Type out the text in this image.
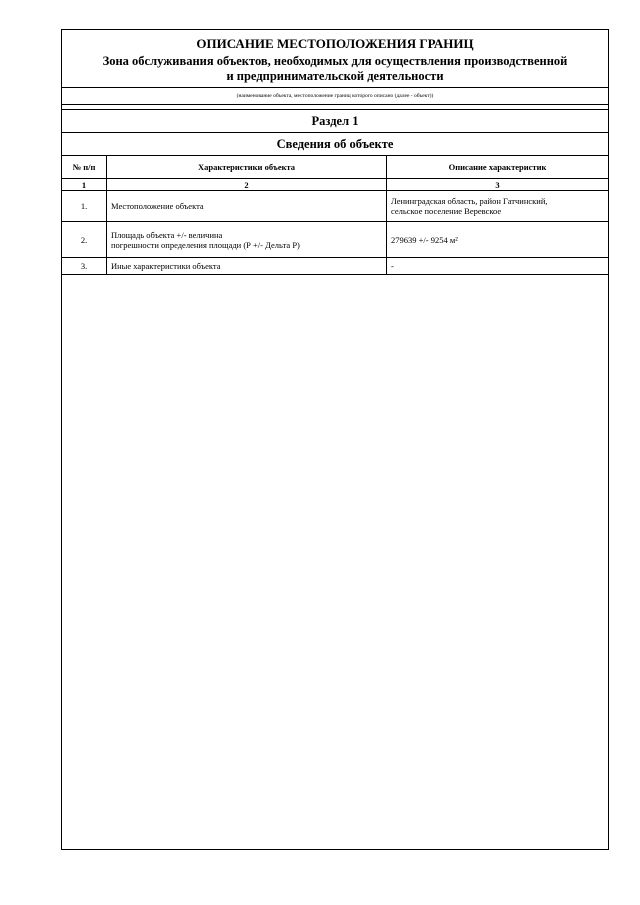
ОПИСАНИЕ МЕСТОПОЛОЖЕНИЯ ГРАНИЦ
Зона обслуживания объектов, необходимых для осуществления производственной
и предпринимательской деятельности
(наименование объекта, местоположение границ которого описано (далее - объект))
Раздел 1
Сведения об объекте
№ п/п	Характеристики объекта	Описание характеристик
1	2	3
1.	Местоположение объекта	Ленинградская область, район Гатчинский,
сельское поселение Веревское

2.	Площадь объекта +/- величина
погрешности определения площади (Р +/- Дельта Р)	279639 +/- 9254 м²

3.	Иные характеристики объекта	-
